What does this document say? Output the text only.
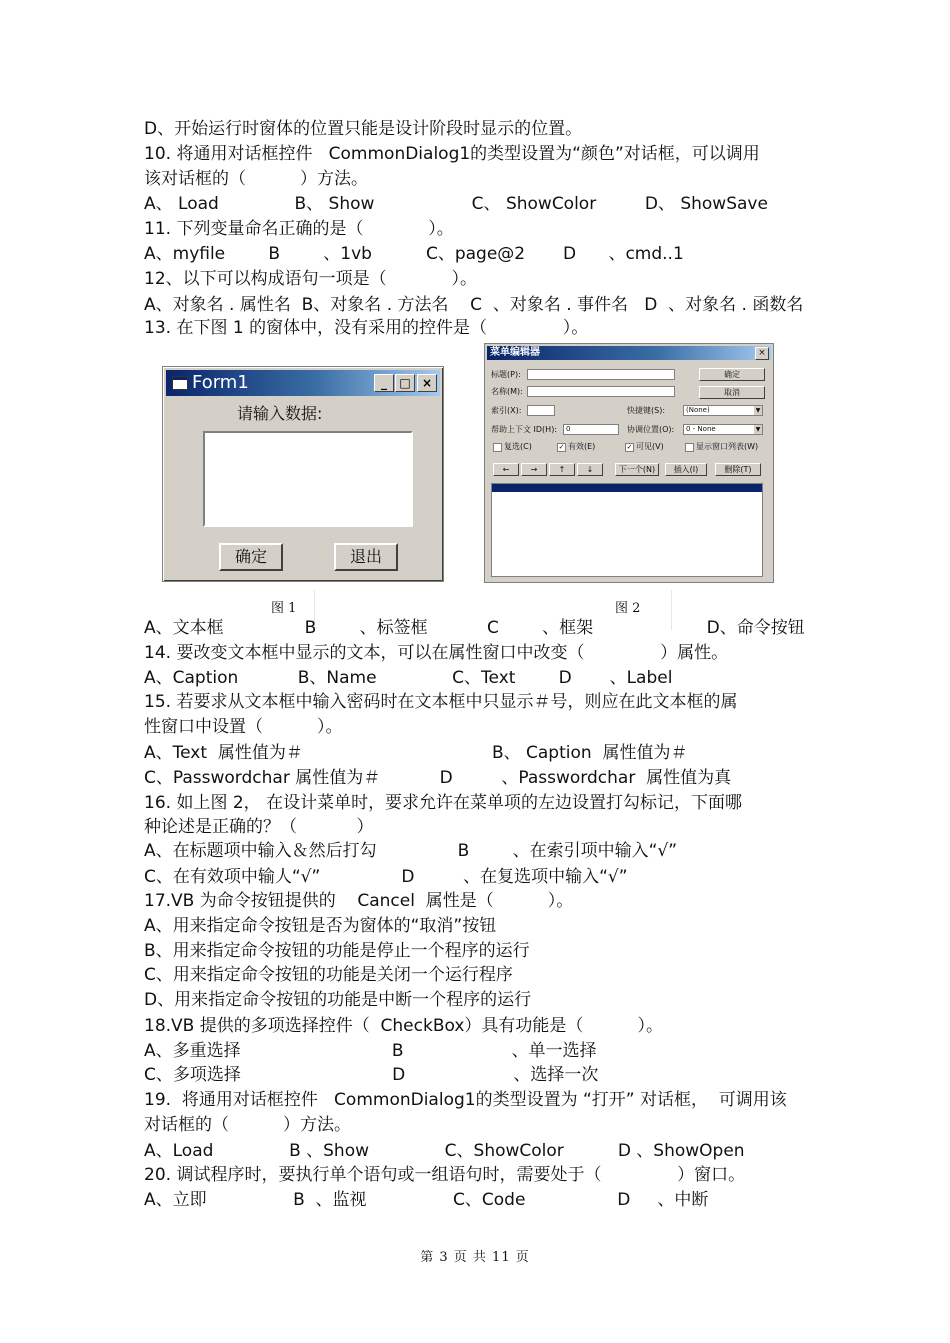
D、开始运行时窗体的位置只能是设计阶段时显示的位置。
10. 将通用对话框控件   CommonDialog1的类型设置为“颜色”对话框，可以调用
该对话框的（          ）方法。
A、 Load              B、 Show                  C、 ShowColor         D、 ShowSave
11. 下列变量命名正确的是（            ）。
A、myfile        B        、1vb          C、page@2       D      、cmd..1
12、以下可以构成语句一项是（            ）。
A、对象名 . 属性名  B、对象名 . 方法名    C  、对象名 . 事件名   D  、对象名 . 函数名
13. 在下图 1 的窗体中，没有采用的控件是（              ）。
Form1	_	□ ×
请输入数据:
确定	退出
菜单编辑器	×
标题(P):	确定
名称(M):	取消
索引(X):	快捷键(S):	(None)	▼
帮助上下文 ID(H):	0	协调位置(O):	0 - None	▼
复选(C)	✓ 有效(E)	✓ 可见(V)	显示窗口列表(W)
←	→	↑	↓	下一个(N)	插入(I)	删除(T)
图 1	图 2
A、文本框               B        、标签框           C        、框架                     D、命令按钮
14. 要改变文本框中显示的文本，可以在属性窗口中改变（              ）属性。
A、Caption           B、Name              C、Text        D       、Label
15. 若要求从文本框中输入密码时在文本框中只显示＃号，则应在此文本框的属
性窗口中设置（          ）。
A、Text  属性值为＃                                   B、 Caption  属性值为＃
C、Passwordchar 属性值为＃           D         、Passwordchar  属性值为真
16. 如上图 2， 在设计菜单时，要求允许在菜单项的左边设置打勾标记，下面哪
种论述是正确的？（           ）
A、在标题项中输入＆然后打勾               B        、在索引项中输入“√”
C、在有效项中输人“√”               D         、在复选项中输入“√”
17.VB 为命令按钮提供的    Cancel  属性是（          ）。
A、用来指定命令按钮是否为窗体的“取消”按钮
B、用来指定命令按钮的功能是停止一个程序的运行
C、用来指定命令按钮的功能是关闭一个运行程序
D、用来指定命令按钮的功能是中断一个程序的运行
18.VB 提供的多项选择控件（  CheckBox）具有功能是（          ）。
A、多重选择                            B                    、单一选择
C、多项选择                            D                    、选择一次
19.  将通用对话框控件   CommonDialog1的类型设置为 “打开” 对话框，  可调用该
对话框的（          ）方法。
A、Load              B 、Show              C、ShowColor          D 、ShowOpen
20. 调试程序时，要执行单个语句或一组语句时，需要处于（              ）窗口。
A、立即                B  、监视                C、Code                 D     、中断
第 3 页 共 11 页
